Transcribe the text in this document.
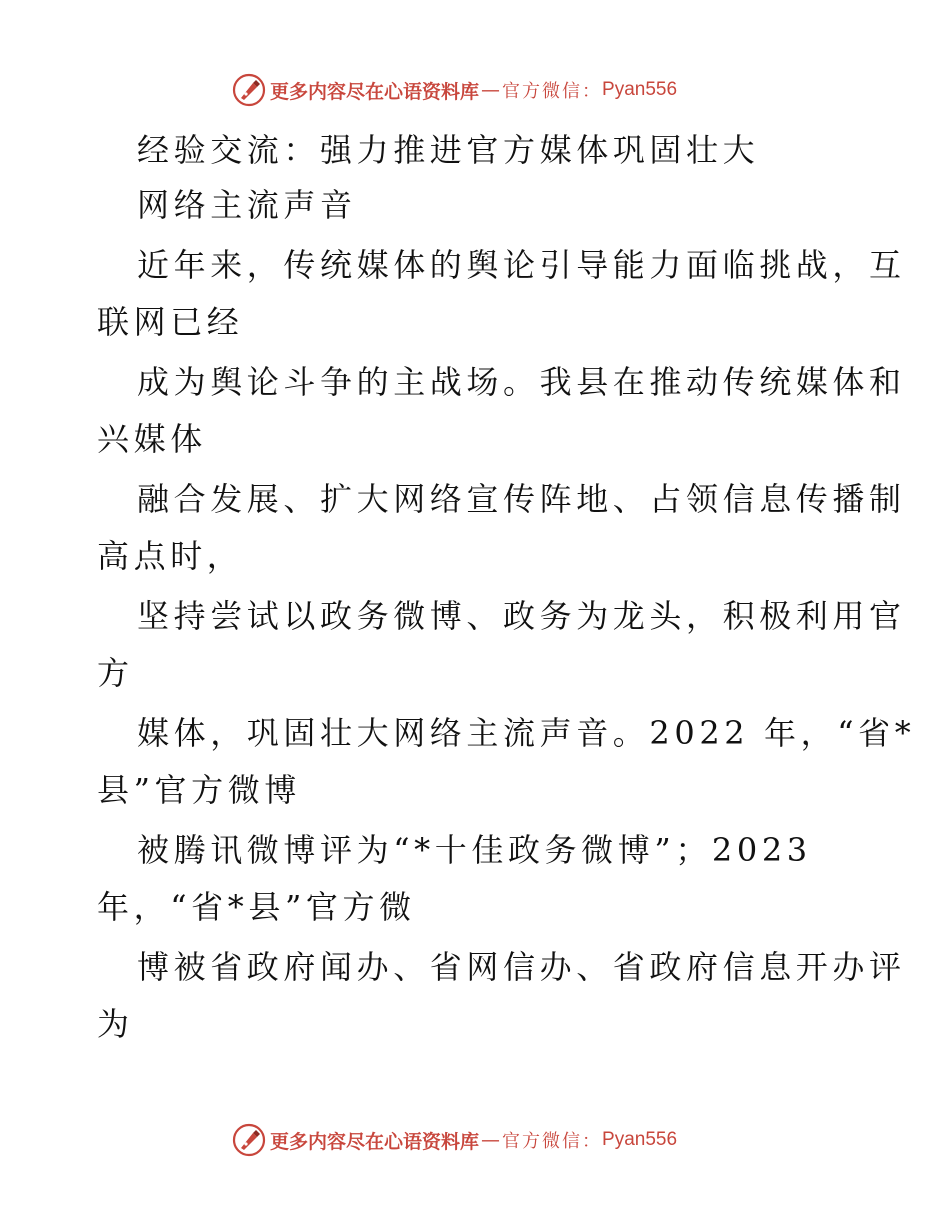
更多内容尽在心语资料库 — 官方微信： Pyan556
经验交流：强力推进官方媒体巩固壮大
网络主流声音
近年来，传统媒体的舆论引导能力面临挑战，互
联网已经
成为舆论斗争的主战场。我县在推动传统媒体和
兴媒体
融合发展、扩大网络宣传阵地、占领信息传播制
高点时，
坚持尝试以政务微博、政务为龙头，积极利用官
方
媒体，巩固壮大网络主流声音。2022 年，“省*
县”官方微博
被腾讯微博评为“*十佳政务微博”；2023
年，“省*县”官方微
博被省政府闻办、省网信办、省政府信息开办评
为
更多内容尽在心语资料库 — 官方微信： Pyan556
